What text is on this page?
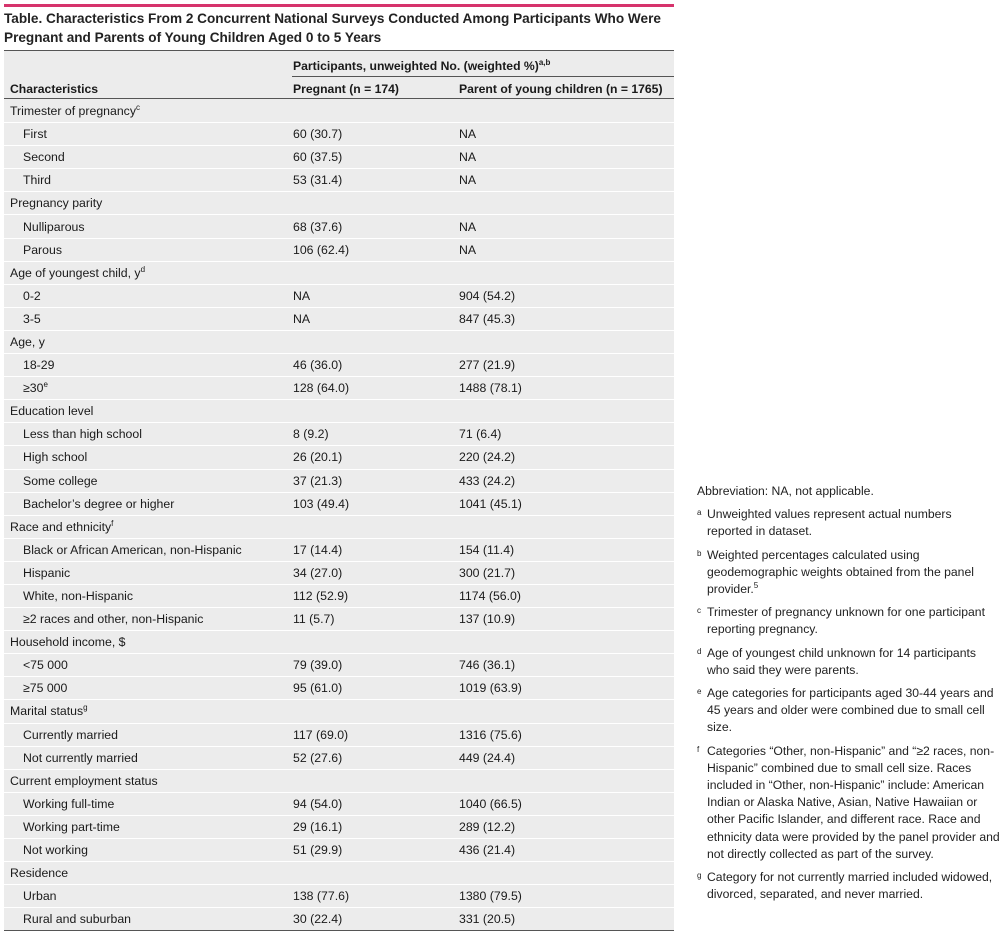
Table. Characteristics From 2 Concurrent National Surveys Conducted Among Participants Who Were Pregnant and Parents of Young Children Aged 0 to 5 Years
Participants, unweighted No. (weighted %)$^{a,b}$
Characteristics	Pregnant (n = 174)	Parent of young children (n = 1765)
Trimester of pregnancy$^c$
First	60 (30.7)	NA
Second	60 (37.5)	NA
Third	53 (31.4)	NA
Pregnancy parity
Nulliparous	68 (37.6)	NA
Parous	106 (62.4)	NA
Age of youngest child, $y^d$
0-2	NA	904 (54.2)
3-5	NA	847 (45.3)
Age, y
18-29	46 (36.0)	277 (21.9)
$\ge 30^e$	128 (64.0)	1488 (78.1)
Education level
Less than high school	8 (9.2)	71 (6.4)
High school	26 (20.1)	220 (24.2)
Some college	37 (21.3)	433 (24.2)
Bachelor’s degree or higher	103 (49.4)	1041 (45.1)
Race and ethnicity$^f$
Black or African American, non-Hispanic	17 (14.4)	154 (11.4)
Hispanic	34 (27.0)	300 (21.7)
White, non-Hispanic	112 (52.9)	1174 (56.0)
≥2 races and other, non-Hispanic	11 (5.7)	137 (10.9)
Household income, $
<75 000	79 (39.0)	746 (36.1)
≥75 000	95 (61.0)	1019 (63.9)
Marital status$^g$
Currently married	117 (69.0)	1316 (75.6)
Not currently married	52 (27.6)	449 (24.4)
Current employment status
Working full-time	94 (54.0)	1040 (66.5)
Working part-time	29 (16.1)	289 (12.2)
Not working	51 (29.9)	436 (21.4)
Residence
Urban	138 (77.6)	1380 (79.5)
Rural and suburban	30 (22.4)	331 (20.5)
Abbreviation: NA, not applicable.
a Unweighted values represent actual numbers reported in dataset.
b Weighted percentages calculated using geodemographic weights obtained from the panel provider.$^5$
c Trimester of pregnancy unknown for one participant reporting pregnancy.
d Age of youngest child unknown for 14 participants who said they were parents.
e Age categories for participants aged 30-44 years and 45 years and older were combined due to small cell size.
f Categories “Other, non-Hispanic” and “≥2 races, non-Hispanic” combined due to small cell size. Races included in “Other, non-Hispanic” include: American Indian or Alaska Native, Asian, Native Hawaiian or other Pacific Islander, and different race. Race and ethnicity data were provided by the panel provider and not directly collected as part of the survey.
g Category for not currently married included widowed, divorced, separated, and never married.
